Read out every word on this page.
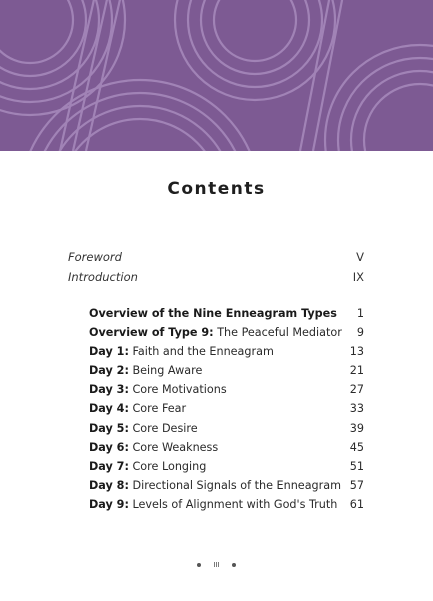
Contents
Foreword	V
Introduction	IX
Overview of the Nine Enneagram Types 1
Overview of Type 9: The Peaceful Mediator 9
Day 1: Faith and the Enneagram	13
Day 2: Being Aware	21
Day 3: Core Motivations	27
Day 4: Core Fear	33
Day 5: Core Desire	39
Day 6: Core Weakness	45
Day 7: Core Longing	51
Day 8: Directional Signals of the Enneagram 57
Day 9: Levels of Alignment with God's Truth 61
III
